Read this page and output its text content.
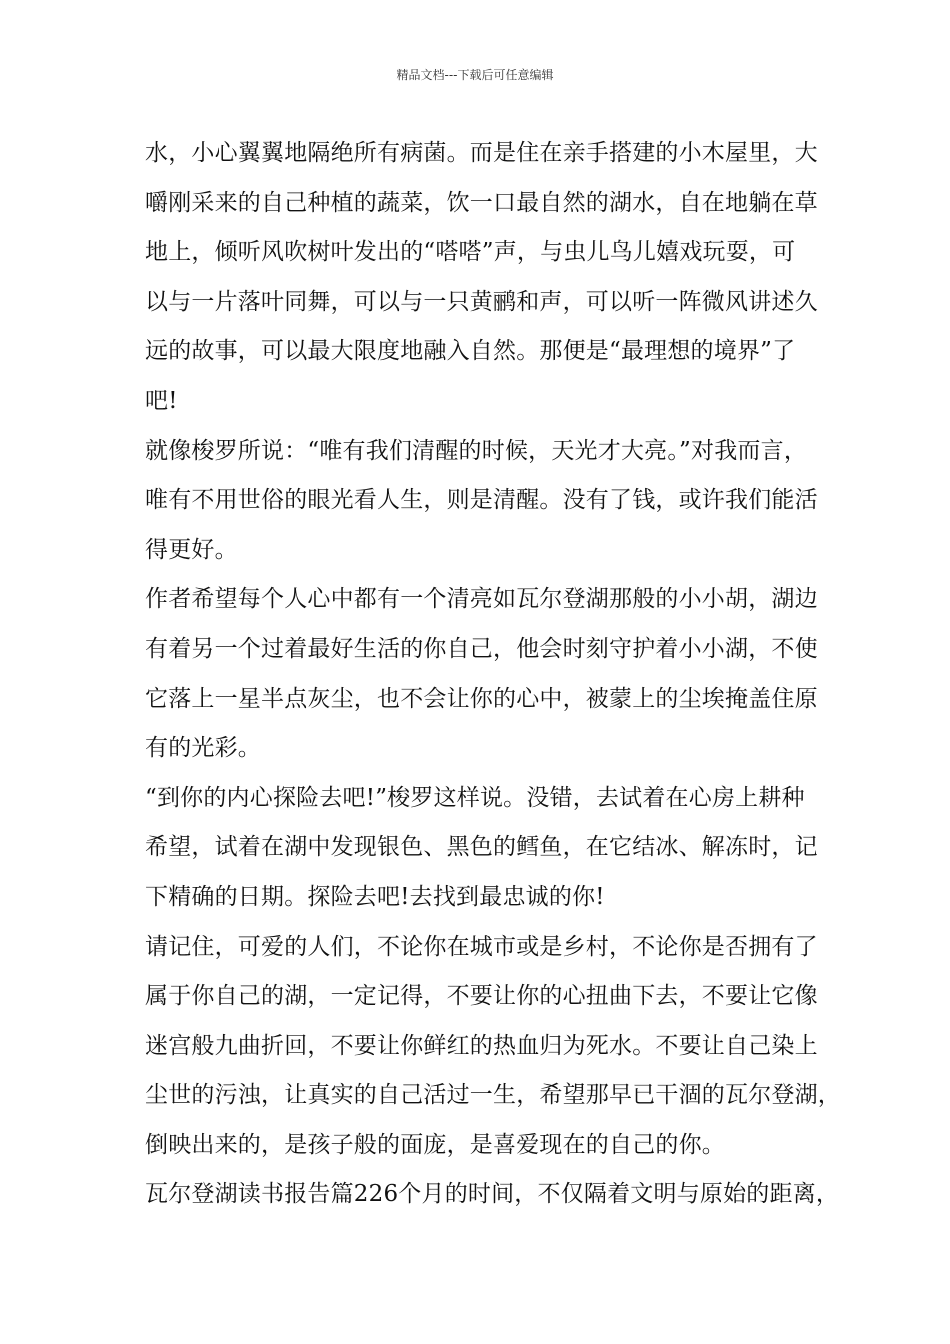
精品文档---下载后可任意编辑
水，小心翼翼地隔绝所有病菌。而是住在亲手搭建的小木屋里，大
嚼刚采来的自己种植的蔬菜，饮一口最自然的湖水，自在地躺在草
地上，倾听风吹树叶发出的“嗒嗒”声，与虫儿鸟儿嬉戏玩耍，可
以与一片落叶同舞，可以与一只黄鹂和声，可以听一阵微风讲述久
远的故事，可以最大限度地融入自然。那便是“最理想的境界”了
吧!
就像梭罗所说：“唯有我们清醒的时候，天光才大亮。”对我而言，
唯有不用世俗的眼光看人生，则是清醒。没有了钱，或许我们能活
得更好。
作者希望每个人心中都有一个清亮如瓦尔登湖那般的小小胡，湖边
有着另一个过着最好生活的你自己，他会时刻守护着小小湖，不使
它落上一星半点灰尘，也不会让你的心中，被蒙上的尘埃掩盖住原
有的光彩。
“到你的内心探险去吧!”梭罗这样说。没错，去试着在心房上耕种
希望，试着在湖中发现银色、黑色的鳕鱼，在它结冰、解冻时，记
下精确的日期。探险去吧!去找到最忠诚的你!
请记住，可爱的人们，不论你在城市或是乡村，不论你是否拥有了
属于你自己的湖，一定记得，不要让你的心扭曲下去，不要让它像
迷宫般九曲折回，不要让你鲜红的热血归为死水。不要让自己染上
尘世的污浊，让真实的自己活过一生，希望那早已干涸的瓦尔登湖，
倒映出来的，是孩子般的面庞，是喜爱现在的自己的你。
瓦尔登湖读书报告篇226个月的时间，不仅隔着文明与原始的距离，
